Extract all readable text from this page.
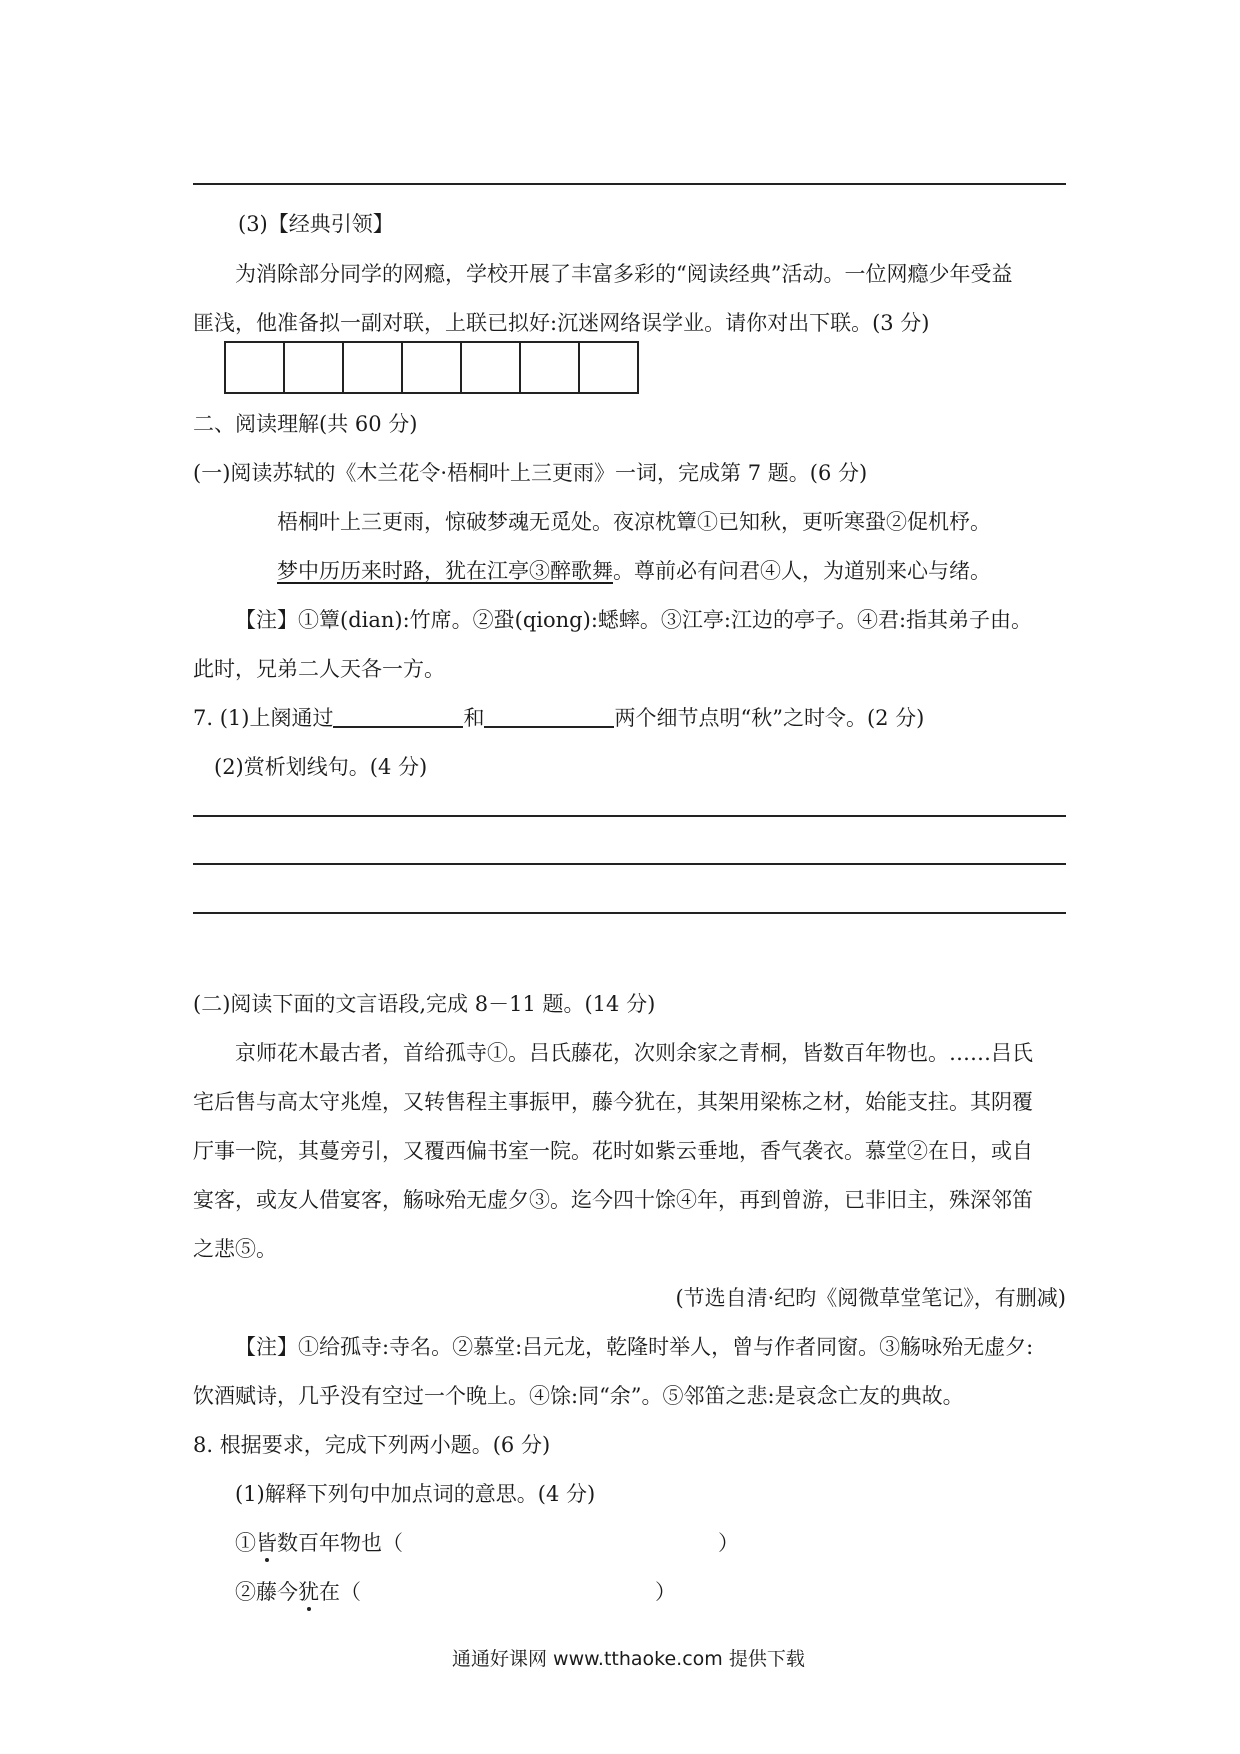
(3)【经典引领】
为消除部分同学的网瘾，学校开展了丰富多彩的“阅读经典”活动。一位网瘾少年受益
匪浅，他准备拟一副对联，上联已拟好:沉迷网络误学业。请你对出下联。(3 分)
二、阅读理解(共 60 分)
(一)阅读苏轼的《木兰花令·梧桐叶上三更雨》一词，完成第 7 题。(6 分)
梧桐叶上三更雨，惊破梦魂无觅处。夜凉枕簟①已知秋，更听寒蛩②促机杼。
梦中历历来时路，犹在江亭③醉歌舞。尊前必有问君④人，为道别来心与绪。
【注】①簟(dian):竹席。②蛩(qiong):蟋蟀。③江亭:江边的亭子。④君:指其弟子由。
此时，兄弟二人天各一方。
7. (1)上阕通过	和	两个细节点明“秋”之时令。(2 分)
(2)赏析划线句。(4 分)
(二)阅读下面的文言语段,完成 8－11 题。(14 分)
京师花木最古者，首给孤寺①。吕氏藤花，次则余家之青桐，皆数百年物也。……吕氏
宅后售与高太守兆煌，又转售程主事振甲，藤今犹在，其架用梁栋之材，始能支拄。其阴覆
厅事一院，其蔓旁引，又覆西偏书室一院。花时如紫云垂地，香气袭衣。慕堂②在日，或自
宴客，或友人借宴客，觞咏殆无虚夕③。迄今四十馀④年，再到曾游，已非旧主，殊深邻笛
之悲⑤。
(节选自清·纪昀《阅微草堂笔记》，有删减)
【注】①给孤寺:寺名。②慕堂:吕元龙，乾隆时举人，曾与作者同窗。③觞咏殆无虚夕:
饮酒赋诗，几乎没有空过一个晚上。④馀:同“余”。⑤邻笛之悲:是哀念亡友的典故。
8. 根据要求，完成下列两小题。(6 分)
(1)解释下列句中加点词的意思。(4 分)
①皆数百年物也（	）
②藤今犹在（	）
通通好课网 www.tthaoke.com 提供下载
